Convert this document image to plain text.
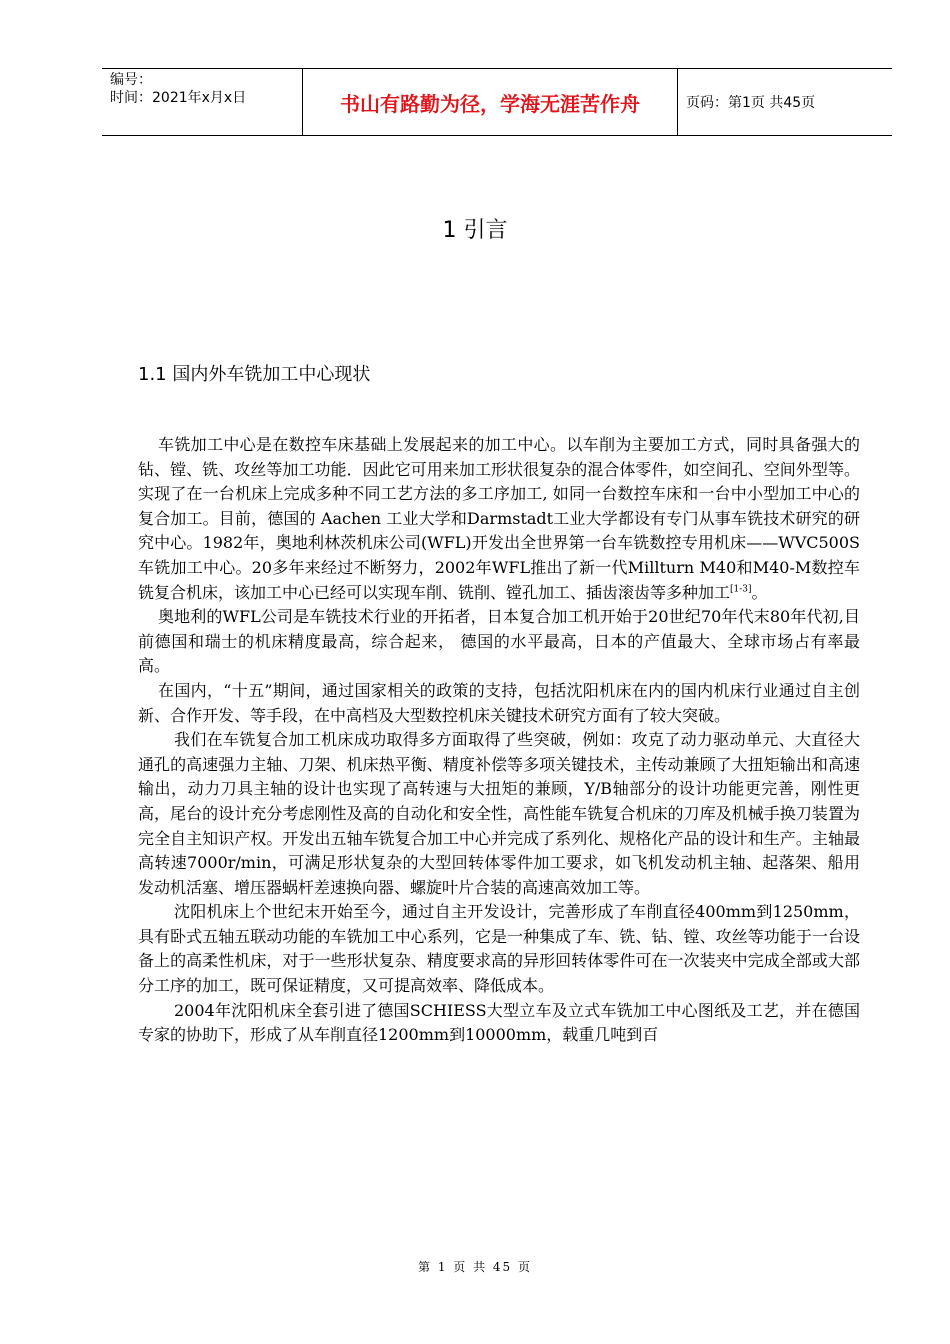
编号：
时间：2021年x月x日	书山有路勤为径，学海无涯苦作舟	页码：第1页 共45页
1 引言
1.1 国内外车铣加工中心现状

车铣加工中心是在数控车床基础上发展起来的加工中心。以车削为主要加工方式，同时具备强大的钻、镗、铣、攻丝等加工功能．因此它可用来加工形状很复杂的混合体零件，如空间孔、空间外型等。实现了在一台机床上完成多种不同工艺方法的多工序加工, 如同一台数控车床和一台中小型加工中心的复合加工。目前，德国的 Aachen 工业大学和Darmstadt工业大学都设有专门从事车铣技术研究的研究中心。1982年，奥地利林茨机床公司(WFL)开发出全世界第一台车铣数控专用机床——WVC500S车铣加工中心。20多年来经过不断努力，2002年WFL推出了新一代Millturn M40和M40-M数控车铣复合机床，该加工中心已经可以实现车削、铣削、镗孔加工、插齿滚齿等多种加工[1-3]。

奥地利的WFL公司是车铣技术行业的开拓者，日本复合加工机开始于20世纪70年代末80年代初,目前德国和瑞士的机床精度最高，综合起来， 德国的水平最高，日本的产值最大、全球市场占有率最高。

在国内，“十五”期间，通过国家相关的政策的支持，包括沈阳机床在内的国内机床行业通过自主创新、合作开发、等手段，在中高档及大型数控机床关键技术研究方面有了较大突破。

我们在车铣复合加工机床成功取得多方面取得了些突破，例如：攻克了动力驱动单元、大直径大通孔的高速强力主轴、刀架、机床热平衡、精度补偿等多项关键技术，主传动兼顾了大扭矩输出和高速输出，动力刀具主轴的设计也实现了高转速与大扭矩的兼顾，Y/B轴部分的设计功能更完善，刚性更高，尾台的设计充分考虑刚性及高的自动化和安全性，高性能车铣复合机床的刀库及机械手换刀装置为完全自主知识产权。开发出五轴车铣复合加工中心并完成了系列化、规格化产品的设计和生产。主轴最高转速7000r/min，可满足形状复杂的大型回转体零件加工要求，如飞机发动机主轴、起落架、船用发动机活塞、增压器蜗杆差速换向器、螺旋叶片合装的高速高效加工等。

沈阳机床上个世纪末开始至今，通过自主开发设计，完善形成了车削直径400mm到1250mm，具有卧式五轴五联动功能的车铣加工中心系列，它是一种集成了车、铣、钻、镗、攻丝等功能于一台设备上的高柔性机床，对于一些形状复杂、精度要求高的异形回转体零件可在一次装夹中完成全部或大部分工序的加工，既可保证精度，又可提高效率、降低成本。

2004年沈阳机床全套引进了德国SCHIESS大型立车及立式车铣加工中心图纸及工艺，并在德国专家的协助下，形成了从车削直径1200mm到10000mm，载重几吨到百

第 1 页 共 45 页
